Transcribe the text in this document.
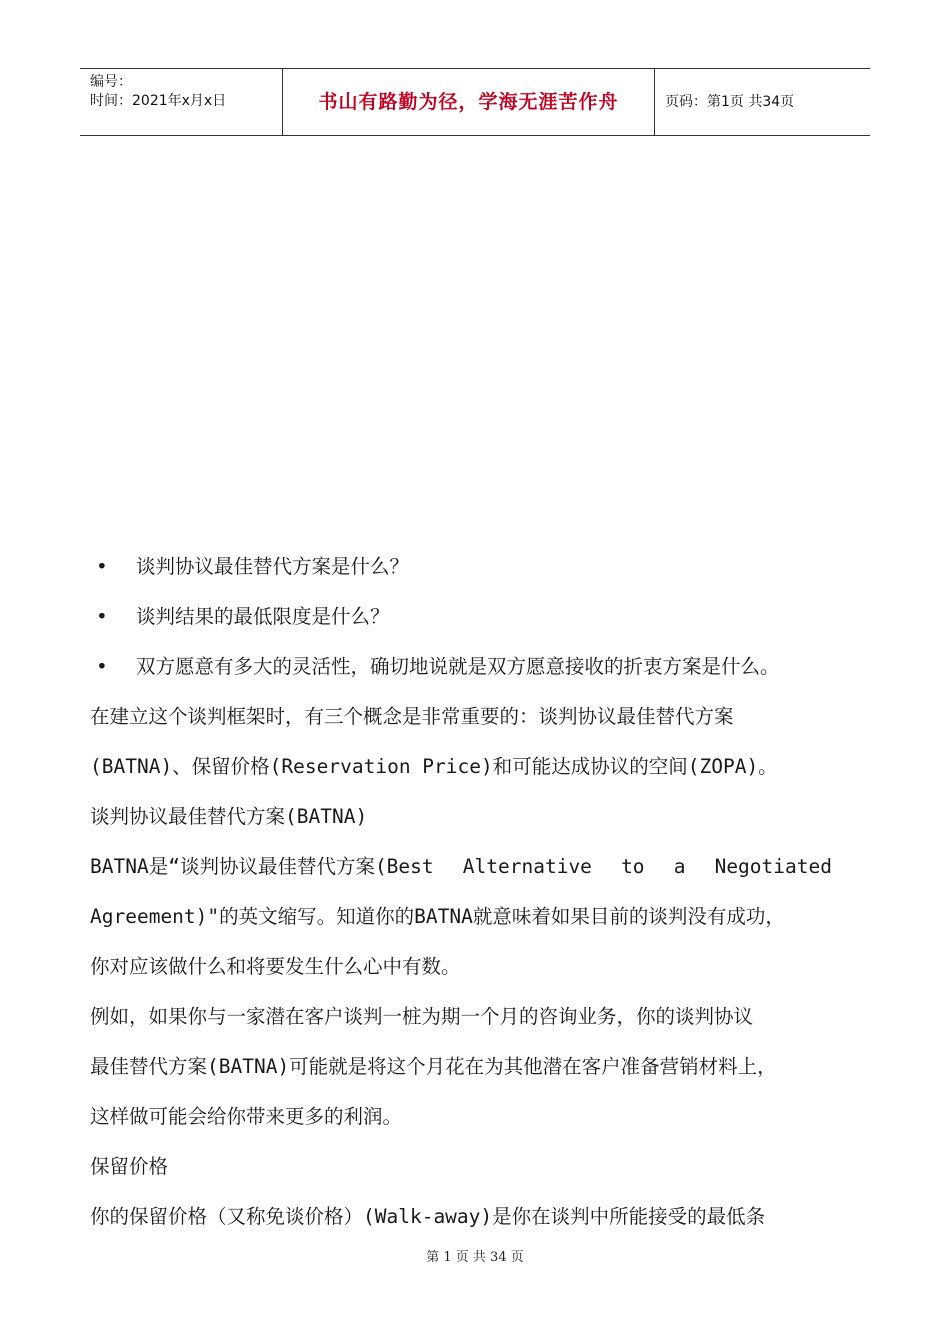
编号：
时间：2021年x月x日	书山有路勤为径，学海无涯苦作舟	页码：第1页 共34页
• 谈判协议最佳替代方案是什么？
• 谈判结果的最低限度是什么？
• 双方愿意有多大的灵活性，确切地说就是双方愿意接收的折衷方案是什么。
在建立这个谈判框架时，有三个概念是非常重要的：谈判协议最佳替代方案
(BATNA)、保留价格(Reservation Price)和可能达成协议的空间(ZOPA)。
谈判协议最佳替代方案(BATNA)
BATNA是“谈判协议最佳替代方案(Best Alternative to a Negotiated
Agreement)"的英文缩写。知道你的BATNA就意味着如果目前的谈判没有成功，
你对应该做什么和将要发生什么心中有数。
例如，如果你与一家潜在客户谈判一桩为期一个月的咨询业务，你的谈判协议
最佳替代方案(BATNA)可能就是将这个月花在为其他潜在客户准备营销材料上，
这样做可能会给你带来更多的利润。
保留价格
你的保留价格（又称免谈价格）(Walk-away)是你在谈判中所能接受的最低条
第 1 页 共 34 页
